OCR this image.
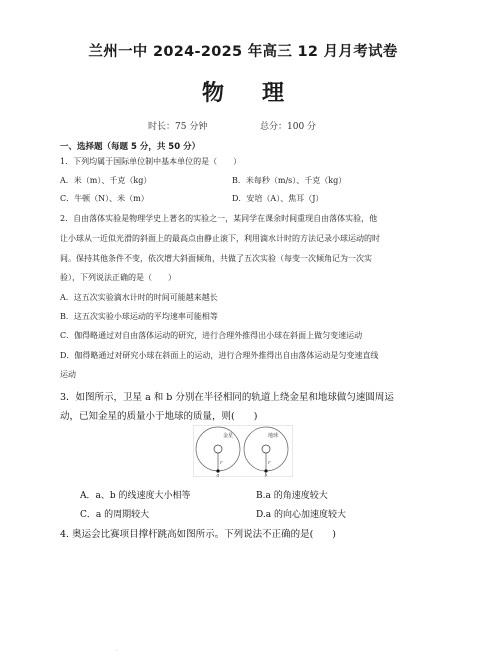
兰州一中 2024-2025 年高三 12 月月考试卷
物理
时长：75 分钟	总分：100 分
一、选择题（每题 5 分，共 50 分）
1．下列均属于国际单位制中基本单位的是（　　）
A．米（m）、千克（kg）	B．米每秒（m/s）、千克（kg）
C．牛顿（N）、米（m）	D．安培（A）、焦耳（J）
2．自由落体实验是物理学史上著名的实验之一，某同学在课余时间重现自由落体实验，他
让小球从一近似光滑的斜面上的最高点由静止滚下，利用滴水计时的方法记录小球运动的时
间。保持其他条件不变，依次增大斜面倾角，共做了五次实验（每变一次倾角记为一次实
验），下列说法正确的是（　　）
A．这五次实验滴水计时的时间可能越来越长
B．这五次实验小球运动的平均速率可能相等
C．伽得略通过对自由落体运动的研究，进行合理外推得出小球在斜面上做匀变速运动
D．伽得略通过对研究小球在斜面上的运动，进行合理外推得出自由落体运动是匀变速直线
运动
3．如图所示，卫星 a 和 b 分别在半径相同的轨道上绕金星和地球做匀速圆周运
动，已知金星的质量小于地球的质量，则(　　)
金星
r
a
地球
r
b
A．a、b 的线速度大小相等	B.a 的角速度较大
C．a 的周期较大	D.a 的向心加速度较大
4. 奥运会比赛项目撑杆跳高如图所示。下列说法不正确的是(　　)
·
